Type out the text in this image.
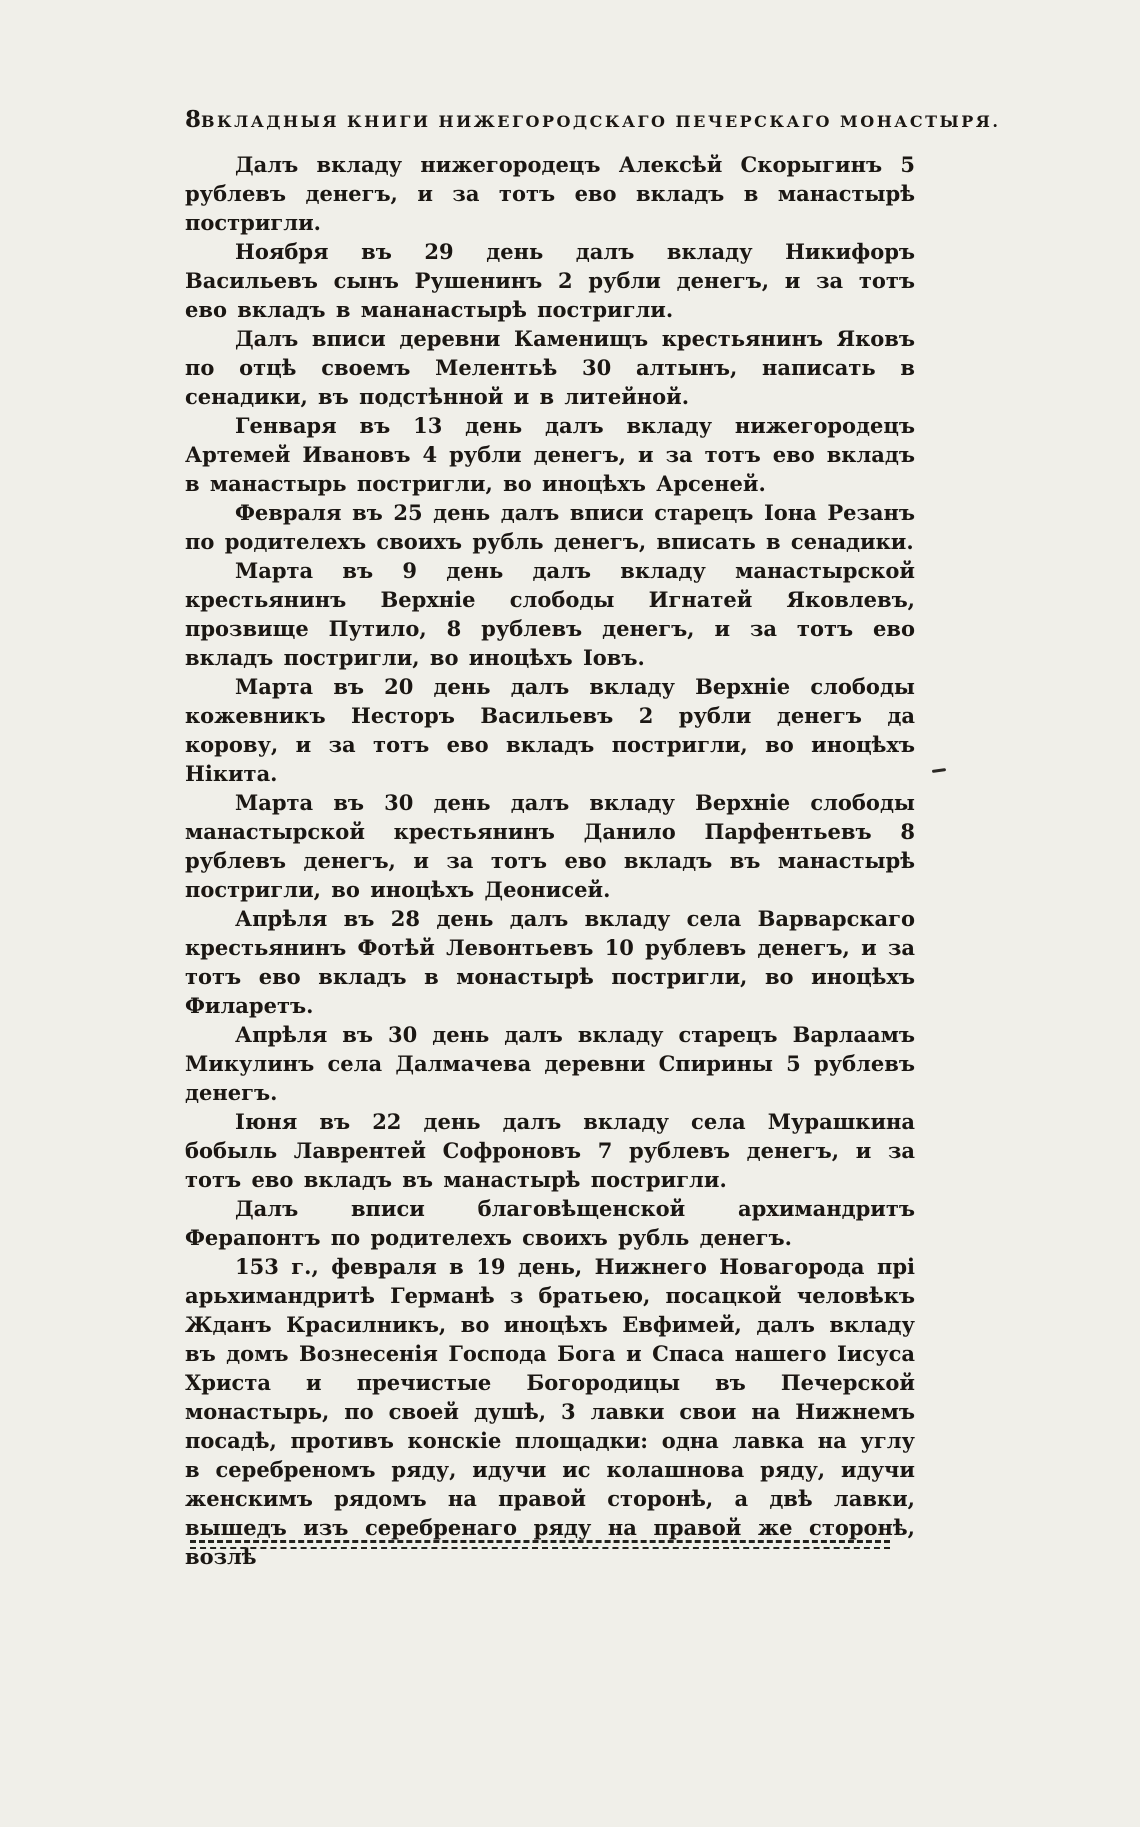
8 ВКЛАДНЫЯ КНИГИ НИЖЕГОРОДСКАГО ПЕЧЕРСКАГО МОНАСТЫРЯ.

Далъ вкладу нижегородецъ Алексѣй Скорыгинъ 5 рублевъ денегъ, и за тотъ ево вкладъ в манастырѣ постригли.

Ноября въ 29 день далъ вкладу Никифоръ Васильевъ сынъ Рушенинъ 2 рубли денегъ, и за тотъ ево вкладъ в мананастырѣ постригли.

Далъ вписи деревни Каменищъ крестьянинъ Яковъ по отцѣ своемъ Мелентьѣ 30 алтынъ, написать в сенадики, въ подстѣнной и в литейной.

Генваря въ 13 день далъ вкладу нижегородецъ Артемей Ивановъ 4 рубли денегъ, и за тотъ ево вкладъ в манастырь постригли, во иноцѣхъ Арсеней.

Февраля въ 25 день далъ вписи старецъ Іона Резанъ по родителехъ своихъ рубль денегъ, вписать в сенадики.

Марта въ 9 день далъ вкладу манастырской крестьянинъ Верхніе слободы Игнатей Яковлевъ, прозвище Путило, 8 рублевъ денегъ, и за тотъ ево вкладъ постригли, во иноцѣхъ Іовъ.

Марта въ 20 день далъ вкладу Верхніе слободы кожевникъ Несторъ Васильевъ 2 рубли денегъ да корову, и за тотъ ево вкладъ постригли, во иноцѣхъ Нікита.

Марта въ 30 день далъ вкладу Верхніе слободы манастырской крестьянинъ Данило Парфентьевъ 8 рублевъ денегъ, и за тотъ ево вкладъ въ манастырѣ постригли, во иноцѣхъ Деонисей.

Апрѣля въ 28 день далъ вкладу села Варварскаго крестьянинъ Фотѣй Левонтьевъ 10 рублевъ денегъ, и за тотъ ево вкладъ в монастырѣ постригли, во иноцѣхъ Филаретъ.

Апрѣля въ 30 день далъ вкладу старецъ Варлаамъ Микулинъ села Далмачева деревни Спирины 5 рублевъ денегъ.

Іюня въ 22 день далъ вкладу села Мурашкина бобыль Лаврентей Софроновъ 7 рублевъ денегъ, и за тотъ ево вкладъ въ манастырѣ постригли.

Далъ вписи благовѣщенской архимандритъ Ферапонтъ по родителехъ своихъ рубль денегъ.

153 г., февраля в 19 день, Нижнего Новагорода прі арьхимандритѣ Германѣ з братьею, посацкой человѣкъ Жданъ Красилникъ, во иноцѣхъ Евфимей, далъ вкладу въ домъ Вознесенія Господа Бога и Спаса нашего Іисуса Христа и пречистые Богородицы въ Печерской монастырь, по своей душѣ, 3 лавки свои на Нижнемъ посадѣ, противъ конскіе площадки: одна лавка на углу в серебреномъ ряду, идучи ис колашнова ряду, идучи женскимъ рядомъ на правой сторонѣ, а двѣ лавки, вышедъ изъ серебренаго ряду на правой же сторонѣ, возлѣ
